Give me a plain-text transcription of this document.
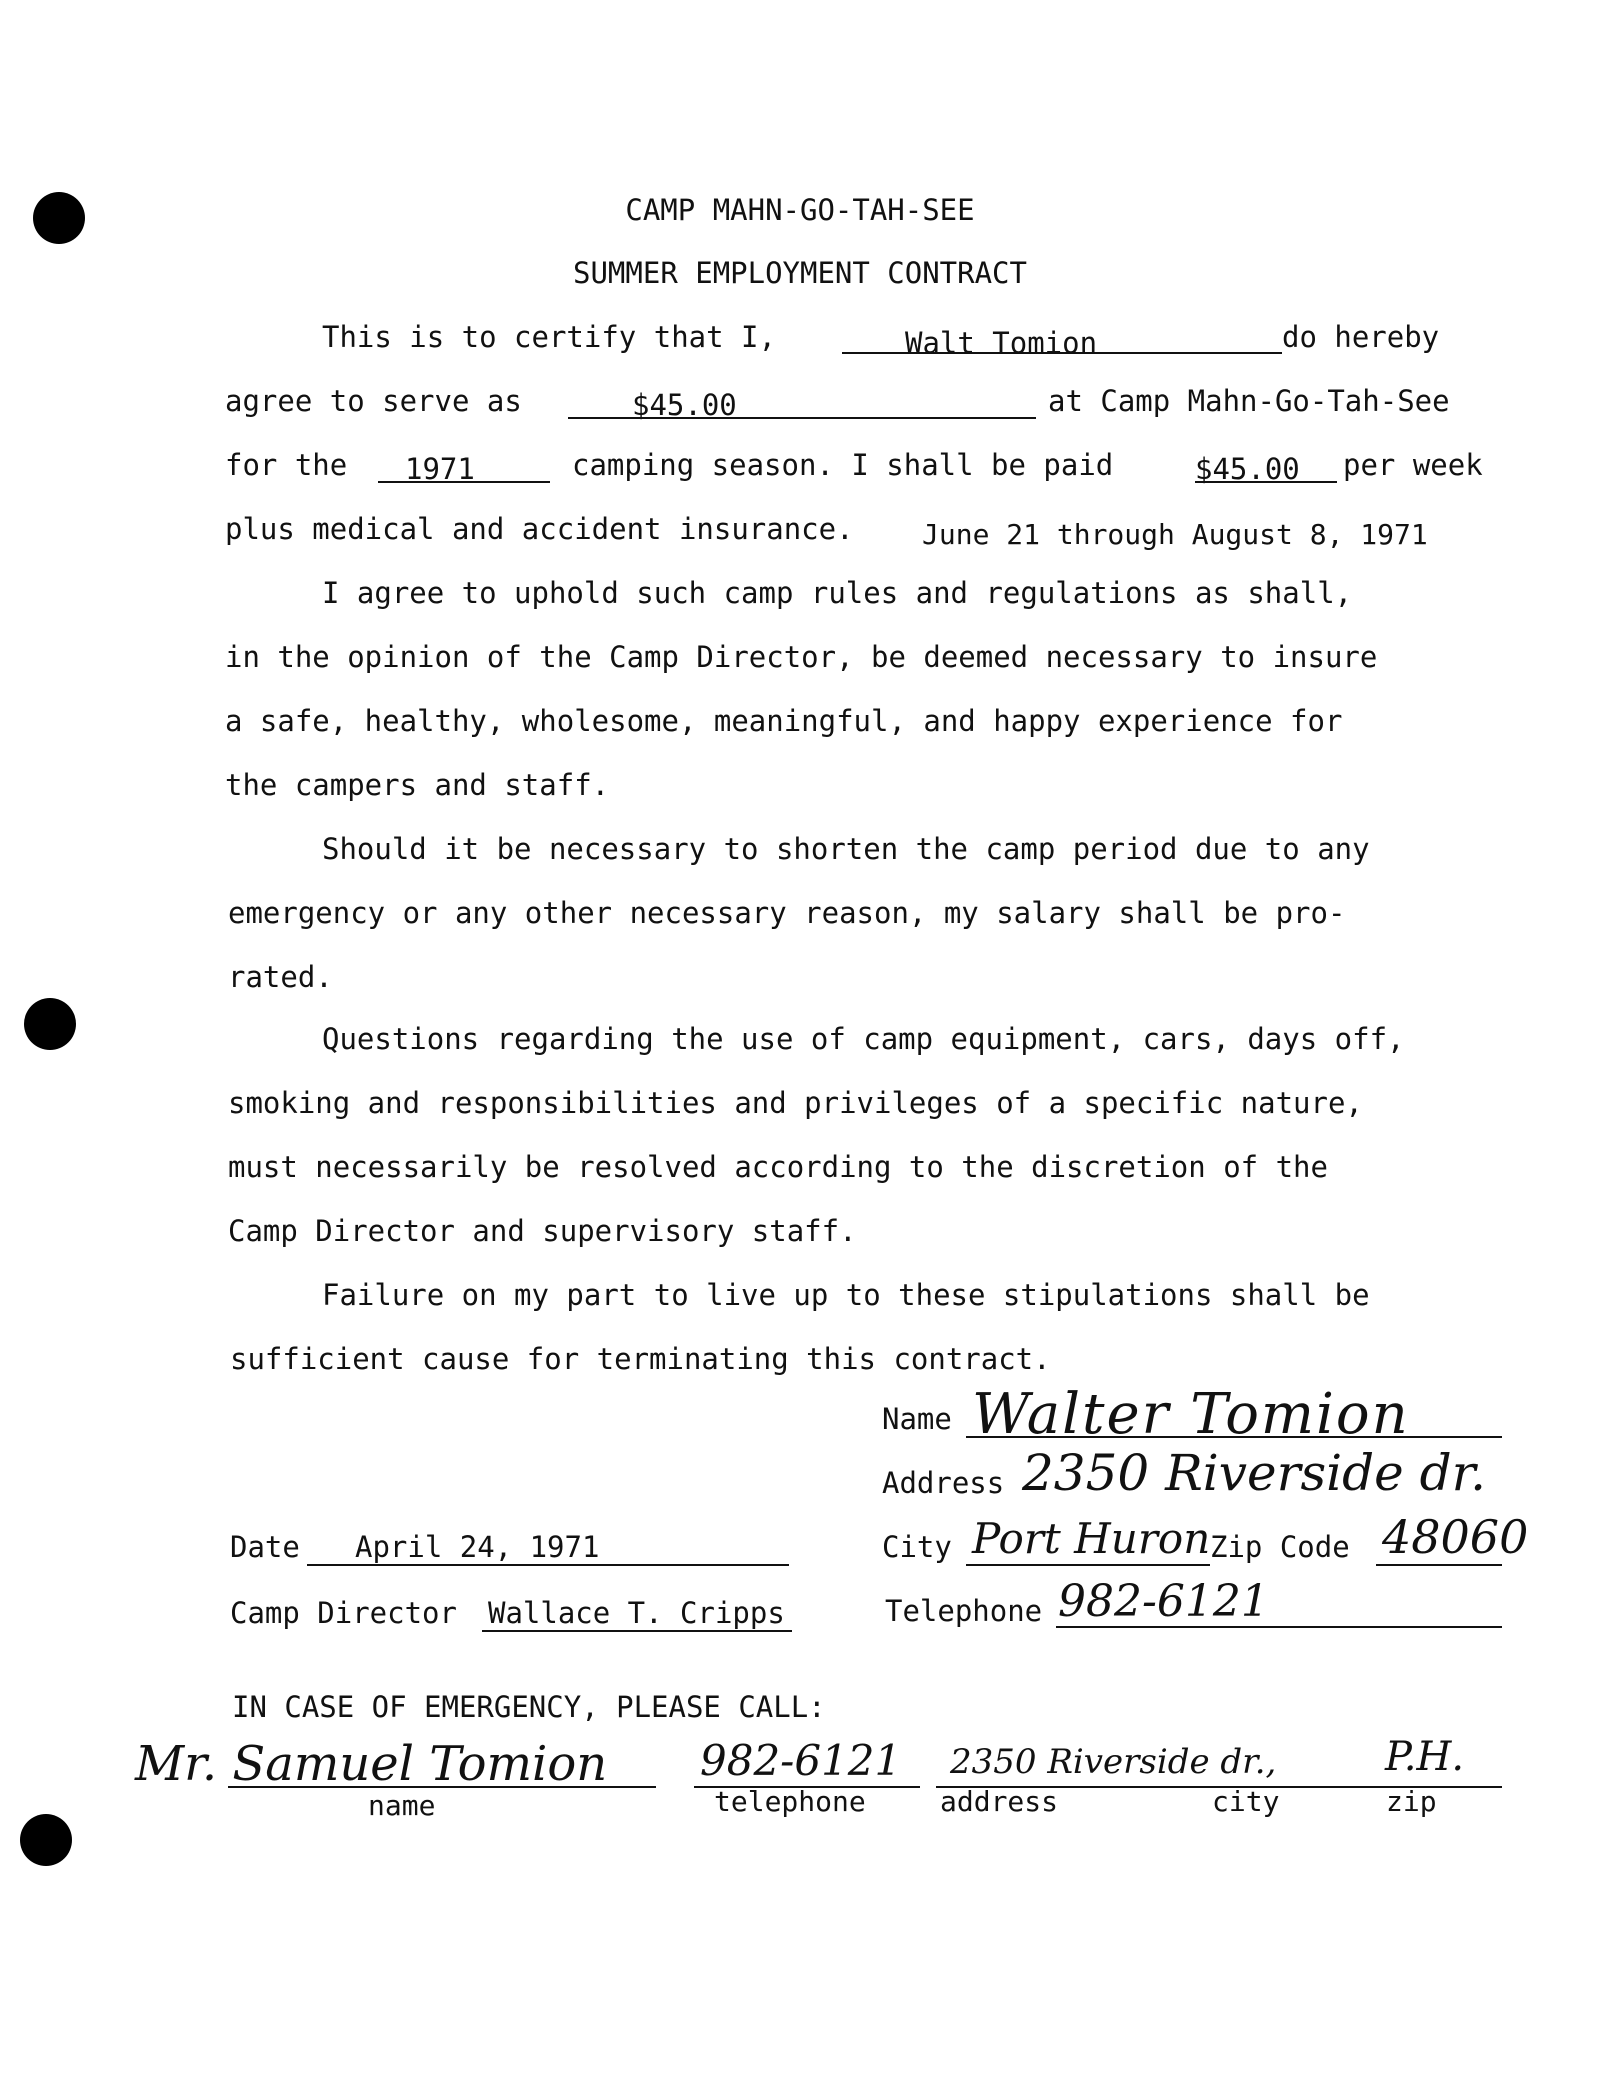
CAMP MAHN-GO-TAH-SEE
SUMMER EMPLOYMENT CONTRACT
This is to certify that I,	Walt Tomion	do hereby
agree to serve as	$45.00	at Camp Mahn-Go-Tah-See
for the 1971	camping season. I shall be paid	$45.00 per week
plus medical and accident insurance. June 21 through August 8, 1971
I agree to uphold such camp rules and regulations as shall,
in the opinion of the Camp Director, be deemed necessary to insure
a safe, healthy, wholesome, meaningful, and happy experience for
the campers and staff.
Should it be necessary to shorten the camp period due to any
emergency or any other necessary reason, my salary shall be pro-
rated.
Questions regarding the use of camp equipment, cars, days off,
smoking and responsibilities and privileges of a specific nature,
must necessarily be resolved according to the discretion of the
Camp Director and supervisory staff.
Failure on my part to live up to these stipulations shall be
sufficient cause for terminating this contract.
Name Walter Tomion
Address 2350 Riverside dr.
City Port Huron Zip Code 48060
Telephone 982-6121
Date April 24, 1971
Camp Director Wallace T. Cripps
IN CASE OF EMERGENCY, PLEASE CALL:
Mr. Samuel Tomion 982-6121 2350 Riverside dr.,	P.H.
name	telephone	address	city	zip
